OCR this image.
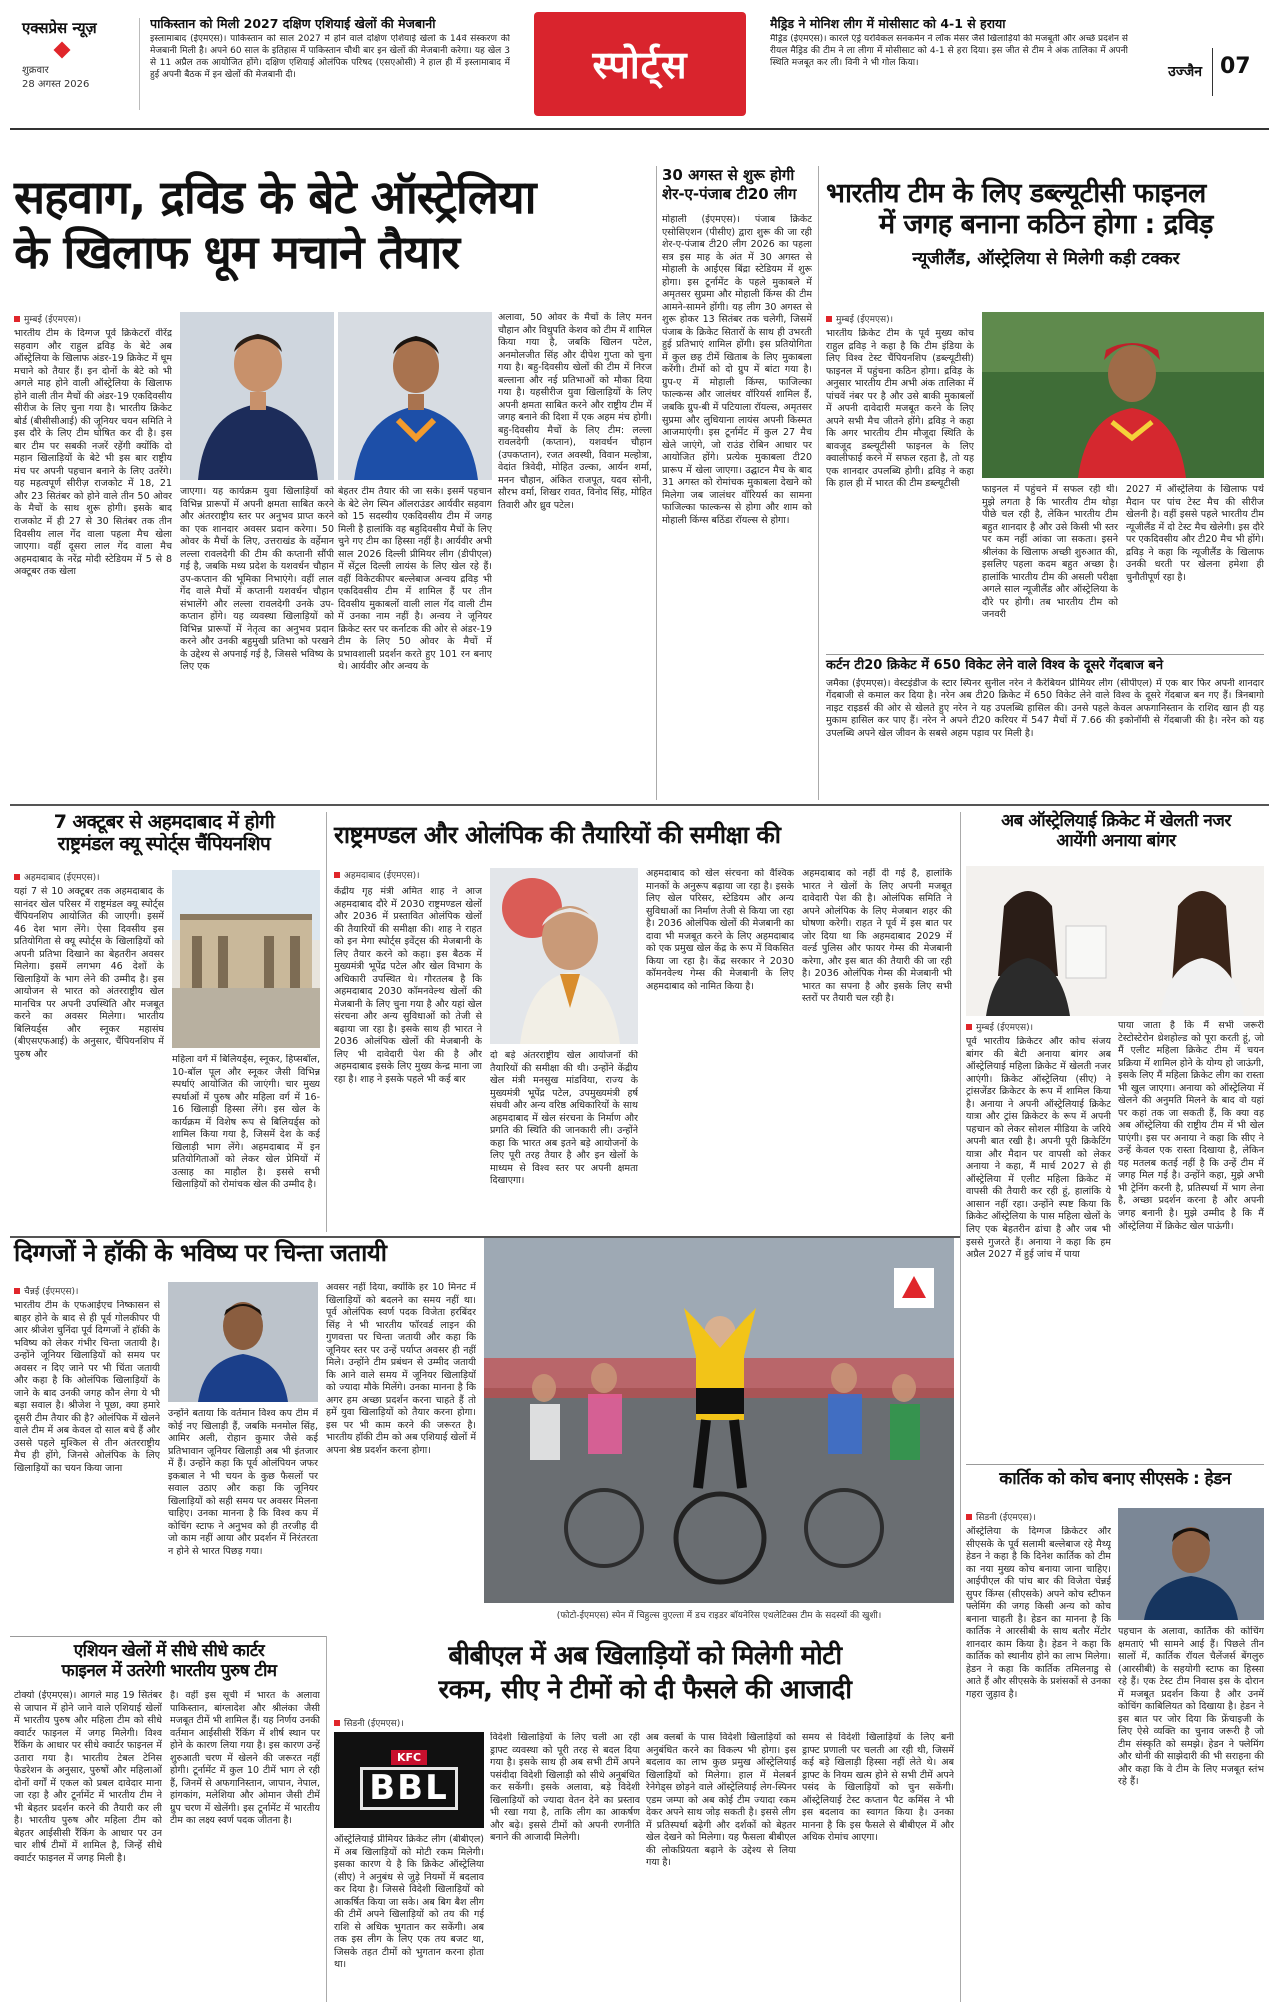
एक्सप्रेस न्यूज़
शुक्रवार
28 अगस्त 2026
पाकिस्तान को मिली 2027 दक्षिण एशियाई खेलों की मेजबानी
इस्लामाबाद (ईएमएस)। पाकिस्तान को साल 2027 में होने वाले दक्षिण एशियाई खेलों के 14वें संस्करण की मेजबानी मिली है। अपने 60 साल के इतिहास में पाकिस्तान चौथी बार इन खेलों की मेजबानी करेगा। यह खेल 3 से 11 अप्रैल तक आयोजित होंगे। दक्षिण एशियाई ओलंपिक परिषद (एसएओसी) ने हाल ही में इस्लामाबाद में हुई अपनी बैठक में इन खेलों की मेजबानी दी।	स्पोर्ट्स
मैड्रिड ने मोनिश लीग में मोसीसाट को 4-1 से हराया
मैड्रिड (ईएमएस)। कारले एंड्रे यरविंकल सनकर्मन ने लॉक मेंसर जैसे खिलाड़ियों की मजबूती और अच्छे प्रदर्शन से रीयल मैड्रिड की टीम ने ला लीगा में मोसीसाट को 4-1 से हरा दिया। इस जीत से टीम ने अंक तालिका में अपनी स्थिति मजबूत कर ली। विनी ने भी गोल किया।
उज्जैन 07
सहवाग, द्रविड के बेटे ऑस्ट्रेलिया
के खिलाफ धूम मचाने तैयार
मुम्बई (ईएमएस)।
भारतीय टीम के दिग्गज पूर्व क्रिकेटरों वीरेंद्र सहवाग और राहुल द्रविड़ के बेटे अब ऑस्ट्रेलिया के खिलाफ अंडर-19 क्रिकेट में धूम मचाने को तैयार हैं। इन दोनों के बेटे को भी अगले माह होने वाली ऑस्ट्रेलिया के खिलाफ होने वाली तीन मैचों की अंडर-19 एकदिवसीय सीरीज के लिए चुना गया है। भारतीय क्रिकेट बोर्ड (बीसीसीआई) की जूनियर चयन समिति ने इस दौरे के लिए टीम घोषित कर दी है। इस बार टीम पर सबकी नजरें रहेंगी क्योंकि दो महान खिलाड़ियों के बेटे भी इस बार राष्ट्रीय मंच पर अपनी पहचान बनाने के लिए उतरेंगे। यह महत्वपूर्ण सीरीज़ राजकोट में 18, 21 और 23 सितंबर को होने वाले तीन 50 ओवर के मैचों के साथ शुरू होगी। इसके बाद राजकोट में ही 27 से 30 सितंबर तक तीन दिवसीय लाल गेंद वाला पहला मैच खेला जाएगा। वहीं दूसरा लाल गेंद वाला मैच अहमदाबाद के नरेंद्र मोदी स्टेडियम में 5 से 8 अक्टूबर तक खेला
जाएगा। यह कार्यक्रम युवा खिलाड़ियों को विभिन्न प्रारूपों में अपनी क्षमता साबित करने और अंतरराष्ट्रीय स्तर पर अनुभव प्राप्त करने का एक शानदार अवसर प्रदान करेगा। 50 ओवर के मैचों के लिए, उत्तराखंड के वर्हेमान लल्ला रावलदेगी की टीम की कप्तानी सौंपी गई है, जबकि मध्य प्रदेश के यशवर्धन चौहान उप-कप्तान की भूमिका निभाएंगे। वहीं लाल गेंद वाले मैचों में कप्तानी यशवर्धन चौहान संभालेंगे और लल्ला रावलदेगी उनके उप-कप्तान होंगे। यह व्यवस्था खिलाड़ियों को विभिन्न प्रारूपों में नेतृत्व का अनुभव प्रदान करने और उनकी बहुमुखी प्रतिभा को परखने के उद्देश्य से अपनाई गई है, जिससे भविष्य के लिए एक
बेहतर टीम तैयार की जा सके। इसमें पहचान के बेटे लेग स्पिन ऑलराउंडर आर्यवीर सहवाग को 15 सदस्यीय एकदिवसीय टीम में जगह मिली है हालांकि वह बहुदिवसीय मैचों के लिए चुने गए टीम का हिस्सा नहीं है। आर्यवीर अभी साल 2026 दिल्ली प्रीमियर लीग (डीपीएल) में सेंट्रल दिल्ली लायंस के लिए खेल रहे हैं। वहीं विकेटकीपर बल्लेबाज अन्वय द्रविड़ भी एकदिवसीय टीम में शामिल हैं पर तीन दिवसीय मुकाबलों वाली लाल गेंद वाली टीम में उनका नाम नहीं है। अन्वय ने जूनियर क्रिकेट स्तर पर कर्नाटक की ओर से अंडर-19 टीम के लिए 50 ओवर के मैचों में प्रभावशाली प्रदर्शन करते हुए 101 रन बनाए थे। आर्यवीर और अन्वय के
अलावा, 50 ओवर के मैचों के लिए मनन चौहान और विधुपति केशव को टीम में शामिल किया गया है, जबकि खिलन पटेल, अनमोलजीत सिंह और दीपेश गुप्ता को चुना गया है। बहु-दिवसीय खेलों की टीम में निरज बल्लाना और नई प्रतिभाओं को मौका दिया गया है। यहसीरीज युवा खिलाड़ियों के लिए अपनी क्षमता साबित करने और राष्ट्रीय टीम में जगह बनाने की दिशा में एक अहम मंच होगी। बहु-दिवसीय मैचों के लिए टीम: लल्ला रावलदेगी (कप्तान), यशवर्धन चौहान (उपकप्तान), रजत अवस्थी, विवान मल्होत्रा, वेदांत त्रिवेदी, मोहित उल्का, आर्यन शर्मा, मनन चौहान, अंकित राजपूत, यदव सोनी, सौरभ वर्मा, शिखर रावत, विनोद सिंह, मोहित तिवारी और ध्रुव पटेल।
30 अगस्त से शुरू होगी शेर-ए-पंजाब टी20 लीग
मोहाली (ईएमएस)। पंजाब क्रिकेट एसोसिएशन (पीसीए) द्वारा शुरू की जा रही शेर-ए-पंजाब टी20 लीग 2026 का पहला सत्र इस माह के अंत में 30 अगस्त से मोहाली के आईएस बिंद्रा स्टेडियम में शुरू होगा। इस टूर्नामेंट के पहले मुकाबले में अमृतसर सुप्रमा और मोहाली किंग्स की टीम आमने-सामने होंगी। यह लीग 30 अगस्त से शुरू होकर 13 सितंबर तक चलेगी, जिसमें पंजाब के क्रिकेट सितारों के साथ ही उभरती हुई प्रतिभाएं शामिल होंगी। इस प्रतियोगिता में कुल छह टीमें खिताब के लिए मुकाबला करेंगी। टीमों को दो ग्रुप में बांटा गया है। ग्रुप-ए में मोहाली किंग्स, फाजिल्का फाल्कन्स और जालंधर वॉरियर्स शामिल हैं, जबकि ग्रुप-बी में पटियाला रॉयल्स, अमृतसर सुप्रमा और लुधियाना लायंस अपनी किस्मत आजमाएंगी। इस टूर्नामेंट में कुल 27 मैच खेले जाएंगे, जो राउंड रोबिन आधार पर आयोजित होंगे। प्रत्येक मुकाबला टी20 प्रारूप में खेला जाएगा। उद्घाटन मैच के बाद 31 अगस्त को रोमांचक मुकाबला देखने को मिलेगा जब जालंधर वॉरियर्स का सामना फाजिल्का फाल्कन्स से होगा और शाम को मोहाली किंग्स बठिंडा रॉयल्स से होगा।
भारतीय टीम के लिए डब्ल्यूटीसी फाइनल
में जगह बनाना कठिन होगा : द्रविड़
न्यूजीलैंड, ऑस्ट्रेलिया से मिलेगी कड़ी टक्कर
मुम्बई (ईएमएस)।
भारतीय क्रिकेट टीम के पूर्व मुख्य कोच राहुल द्रविड़ ने कहा है कि टीम इंडिया के लिए विश्व टेस्ट चैंपियनशिप (डब्ल्यूटीसी) फाइनल में पहुंचना कठिन होगा। द्रविड़ के अनुसार भारतीय टीम अभी अंक तालिका में पांचवें नंबर पर है और उसे बाकी मुकाबलों में अपनी दावेदारी मजबूत करने के लिए अपने सभी मैच जीतने होंगे। द्रविड़ ने कहा कि अगर भारतीय टीम मौजूदा स्थिति के बावजूद डब्ल्यूटीसी फाइनल के लिए क्वालीफाई करने में सफल रहता है, तो यह एक शानदार उपलब्धि होगी। द्रविड़ ने कहा कि हाल ही में भारत की टीम डब्ल्यूटीसी
फाइनल में पहुंचने में सफल रही थी। मुझे लगता है कि भारतीय टीम थोड़ा पीछे चल रही है, लेकिन भारतीय टीम बहुत शानदार है और उसे किसी भी स्तर पर कम नहीं आंका जा सकता। इसने श्रीलंका के खिलाफ अच्छी शुरुआत की, इसलिए पहला कदम बहुत अच्छा है। हालांकि भारतीय टीम की असली परीक्षा अगले साल न्यूजीलैंड और ऑस्ट्रेलिया के दौरे पर होगी। तब भारतीय टीम को जनवरी
2027 में ऑस्ट्रेलिया के खिलाफ पर्थ मैदान पर पांच टेस्ट मैच की सीरीज खेलनी है। वहीं इससे पहले भारतीय टीम न्यूजीलैंड में दो टेस्ट मैच खेलेगी। इस दौरे पर एकदिवसीय और टी20 मैच भी होंगे। द्रविड़ ने कहा कि न्यूजीलैंड के खिलाफ उनकी धरती पर खेलना हमेशा ही चुनौतीपूर्ण रहा है।
कर्टन टी20 क्रिकेट में 650 विकेट लेने वाले विश्व के दूसरे गेंदबाज बने
जमैका (ईएमएस)। वेस्टइंडीज के स्टार स्पिनर सुनील नरेन ने कैरेबियन प्रीमियर लीग (सीपीएल) में एक बार फिर अपनी शानदार गेंदबाजी से कमाल कर दिया है। नरेन अब टी20 क्रिकेट में 650 विकेट लेने वाले विश्व के दूसरे गेंदबाज बन गए हैं। त्रिनबागो नाइट राइडर्स की ओर से खेलते हुए नरेन ने यह उपलब्धि हासिल की। उनसे पहले केवल अफगानिस्तान के राशिद खान ही यह मुकाम हासिल कर पाए हैं। नरेन ने अपने टी20 करियर में 547 मैचों में 7.66 की इकोनॉमी से गेंदबाजी की है। नरेन को यह उपलब्धि अपने खेल जीवन के सबसे अहम पड़ाव पर मिली है।
7 अक्टूबर से अहमदाबाद में होगी
राष्ट्रमंडल क्यू स्पोर्ट्स चैंपियनशिप
अहमदाबाद (ईएमएस)।
यहां 7 से 10 अक्टूबर तक अहमदाबाद के सानंदर खेल परिसर में राष्ट्रमंडल क्यू स्पोर्ट्स चैंपियनशिप आयोजित की जाएगी। इसमें 46 देश भाग लेंगे। ऐसा दिवसीय इस प्रतियोगिता से क्यू स्पोर्ट्स के खिलाड़ियों को अपनी प्रतिभा दिखाने का बेहतरीन अवसर मिलेगा। इसमें लगभग 46 देशों के खिलाड़ियों के भाग लेने की उम्मीद है। इस आयोजन से भारत को अंतरराष्ट्रीय खेल मानचित्र पर अपनी उपस्थिति और मजबूत करने का अवसर मिलेगा। भारतीय बिलियर्ड्स और स्नूकर महासंघ (बीएसएफआई) के अनुसार, चैंपियनशिप में पुरुष और	महिला वर्ग में बिलियर्ड्स, स्नूकर, हिप्सबॉल, 10-बॉल पूल और स्नूकर जैसी विभिन्न स्पर्धाएं आयोजित की जाएंगी। चार मुख्य स्पर्धाओं में पुरुष और महिला वर्ग में 16-16 खिलाड़ी हिस्सा लेंगे। इस खेल के कार्यक्रम में विशेष रूप से बिलियर्ड्स को शामिल किया गया है, जिसमें देश के कई खिलाड़ी भाग लेंगे। अहमदाबाद में इन प्रतियोगिताओं को लेकर खेल प्रेमियों में उत्साह का माहौल है। इससे सभी खिलाड़ियों को रोमांचक खेल की उम्मीद है।
राष्ट्रमण्डल और ओलंपिक की तैयारियों की समीक्षा की
अहमदाबाद (ईएमएस)।
केंद्रीय गृह मंत्री अमित शाह ने आज अहमदाबाद दौरे में 2030 राष्ट्रमण्डल खेलों और 2036 में प्रस्तावित ओलंपिक खेलों की तैयारियों की समीक्षा की। शाह ने राहत को इन मेगा स्पोर्ट्स इवेंट्स की मेजबानी के लिए तैयार करने को कहा। इस बैठक में मुख्यमंत्री भूपेंद्र पटेल और खेल विभाग के अधिकारी उपस्थित थे। गौरतलब है कि अहमदाबाद 2030 कॉमनवेल्थ खेलों की मेजबानी के लिए चुना गया है और यहां खेल संरचना और अन्य सुविधाओं को तेजी से बढ़ाया जा रहा है। इसके साथ ही भारत ने 2036 ओलंपिक खेलों की मेजबानी के लिए भी दावेदारी पेश की है और अहमदाबाद इसके लिए मुख्य केन्द्र माना जा रहा है। शाह ने इसके पहले भी कई बार
दो बड़े अंतरराष्ट्रीय खेल आयोजनों की तैयारियों की समीक्षा की थी। उन्होंने केंद्रीय खेल मंत्री मनसुख मांडविया, राज्य के मुख्यमंत्री भूपेंद्र पटेल, उपमुख्यमंत्री हर्ष संघवी और अन्य वरिष्ठ अधिकारियों के साथ अहमदाबाद में खेल संरचना के निर्माण और प्रगति की स्थिति की जानकारी ली। उन्होंने कहा कि भारत अब इतने बड़े आयोजनों के लिए पूरी तरह तैयार है और इन खेलों के माध्यम से विश्व स्तर पर अपनी क्षमता दिखाएगा।
अहमदाबाद को खेल संरचना को वैश्विक मानकों के अनुरूप बढ़ाया जा रहा है। इसके लिए खेल परिसर, स्टेडियम और अन्य सुविधाओं का निर्माण तेजी से किया जा रहा है। 2036 ओलंपिक खेलों की मेजबानी का दावा भी मजबूत करने के लिए अहमदाबाद को एक प्रमुख खेल केंद्र के रूप में विकसित किया जा रहा है। केंद्र सरकार ने 2030 कॉमनवेल्थ गेम्स की मेजबानी के लिए अहमदाबाद को नामित किया है।
अहमदाबाद को नहीं दी गई है, हालांकि भारत ने खेलों के लिए अपनी मजबूत दावेदारी पेश की है। ओलंपिक समिति ने अपने ओलंपिक के लिए मेजबान शहर की घोषणा करेगी। राहत ने पूर्व में इस बात पर जोर दिया था कि अहमदाबाद 2029 में वर्ल्ड पुलिस और फायर गेम्स की मेजबानी करेगा, और इस बात की तैयारी की जा रही है। 2036 ओलंपिक गेम्स की मेजबानी भी भारत का सपना है और इसके लिए सभी स्तरों पर तैयारी चल रही है।
अब ऑस्ट्रेलियाई क्रिकेट में खेलती नजर
आयेंगी अनाया बांगर
मुम्बई (ईएमएस)।
पूर्व भारतीय क्रिकेटर और कोच संजय बांगर की बेटी अनाया बांगर अब ऑस्ट्रेलियाई महिला क्रिकेट में खेलती नजर आएंगी। क्रिकेट ऑस्ट्रेलिया (सीए) ने ट्रांसजेंडर क्रिकेटर के रूप में शामिल किया है। अनाया ने अपनी ऑस्ट्रेलियाई क्रिकेट यात्रा और ट्रांस क्रिकेटर के रूप में अपनी पहचान को लेकर सोशल मीडिया के जरिये अपनी बात रखी है। अपनी पूरी क्रिकेटिंग यात्रा और मैदान पर वापसी को लेकर अनाया ने कहा, मैं मार्च 2027 से ही ऑस्ट्रेलिया में एलीट महिला क्रिकेट में वापसी की तैयारी कर रही हूं, हालांकि ये आसान नहीं रहा। उन्होंने स्पष्ट किया कि क्रिकेट ऑस्ट्रेलिया के पास महिला खेलों के लिए एक बेहतरीन ढांचा है और जब भी इससे गुजरते हैं। अनाया ने कहा कि हम अप्रैल 2027 में हुई जांच में पाया
पाया जाता है कि मैं सभी जरूरी टेस्टोस्टेरोन थ्रेशहोल्ड को पूरा करती हूं, जो मैं एलीट महिला क्रिकेट टीम में चयन प्रक्रिया में शामिल होने के योग्य हो जाऊंगी, इसके लिए मैं महिला क्रिकेट लीग का रास्ता भी खुल जाएगा। अनाया को ऑस्ट्रेलिया में खेलने की अनुमति मिलने के बाद वो यहां पर कहां तक जा सकती हैं, कि क्या वह अब ऑस्ट्रेलिया की राष्ट्रीय टीम में भी खेल पाएंगी। इस पर अनाया ने कहा कि सीए ने उन्हें केवल एक रास्ता दिखाया है, लेकिन यह मतलब कतई नहीं है कि उन्हें टीम में जगह मिल गई है। उन्होंने कहा, मुझे अभी भी ट्रेनिंग करनी है, प्रतिस्पर्धा में भाग लेना है, अच्छा प्रदर्शन करना है और अपनी जगह बनानी है। मुझे उम्मीद है कि मैं ऑस्ट्रेलिया में क्रिकेट खेल पाऊंगी।
दिग्गजों ने हॉकी के भविष्य पर चिन्ता जतायी
चैन्नई (ईएमएस)।
भारतीय टीम के एफआईएच निष्कासन से बाहर होने के बाद से ही पूर्व गोलकीपर पी आर श्रीजेश चुनिंदा पूर्व दिग्गजों ने हॉकी के भविष्य को लेकर गंभीर चिन्ता जतायी है। उन्होंने जूनियर खिलाड़ियों को समय पर अवसर न दिए जाने पर भी चिंता जतायी और कहा है कि ओलंपिक खिलाड़ियों के जाने के बाद उनकी जगह कौन लेगा ये भी बड़ा सवाल है। श्रीजेश ने पूछा, क्या हमारे दूसरी टीम तैयार की है? ओलंपिक में खेलने वाले टीम में अब केवल दो साल बचे हैं और उससे पहले मुश्किल से तीन अंतरराष्ट्रीय मैच ही होंगे, जिनसे ओलंपिक के लिए खिलाड़ियों का चयन किया जाना
उन्होंने बताया कि वर्तमान विश्व कप टीम में कोई नए खिलाड़ी हैं, जबकि मनमोल सिंह, आमिर अली, रोहान कुमार जैसे कई प्रतिभावान जूनियर खिलाड़ी अब भी इंतजार में हैं। उन्होंने कहा कि पूर्व ओलंपियन जफर इकबाल ने भी चयन के कुछ फैसलों पर सवाल उठाए और कहा कि जूनियर खिलाड़ियों को सही समय पर अवसर मिलना चाहिए। उनका मानना है कि विश्व कप में कोचिंग स्टाफ ने अनुभव को ही तरजीह दी जो काम नहीं आया और प्रदर्शन में निरंतरता न होने से भारत पिछड़ गया।
अवसर नहीं दिया, क्योंकि हर 10 मिनट में खिलाड़ियों को बदलने का समय नहीं था। पूर्व ओलंपिक स्वर्ण पदक विजेता हरबिंदर सिंह ने भी भारतीय फॉरवर्ड लाइन की गुणवत्ता पर चिन्ता जतायी और कहा कि जूनियर स्तर पर उन्हें पर्याप्त अवसर ही नहीं मिले। उन्होंने टीम प्रबंधन से उम्मीद जतायी कि आने वाले समय में जूनियर खिलाड़ियों को ज्यादा मौके मिलेंगे। उनका मानना है कि अगर हम अच्छा प्रदर्शन करना चाहते हैं तो हमें युवा खिलाड़ियों को तैयार करना होगा। इस पर भी काम करने की जरूरत है। भारतीय हॉकी टीम को अब एशियाई खेलों में अपना श्रेष्ठ प्रदर्शन करना होगा।
(फोटो-ईएमएस) स्पेन में चिहुल्स वुएल्ता में डच राइडर बॉयनेरिस एथलेटिक्स टीम के सदस्यों की खुशी।
एशियन खेलों में सीधे सीधे कार्टर
फाइनल में उतरेगी भारतीय पुरुष टीम
टोक्यो (ईएमएस)। आगले माह 19 सितंबर से जापान में होने जाने वाले एशियाई खेलों में भारतीय पुरुष और महिला टीम को सीधे क्वार्टर फाइनल में जगह मिलेगी। विश्व रैंकिंग के आधार पर सीधे क्वार्टर फाइनल में उतारा गया है। भारतीय टेबल टेनिस फेडरेशन के अनुसार, पुरुषों और महिलाओं दोनों वर्गों में एकल को प्रबल दावेदार माना जा रहा है और टूर्नामेंट में भारतीय टीम ने भी बेहतर प्रदर्शन करने की तैयारी कर ली है। भारतीय पुरुष और महिला टीम को बेहतर आईसीसी रैंकिंग के आधार पर उन चार शीर्ष टीमों में शामिल है, जिन्हें सीधे क्वार्टर फाइनल में जगह मिली है।
है। वहीं इस सूची में भारत के अलावा पाकिस्तान, बांग्लादेश और श्रीलंका जैसी मजबूत टीमें भी शामिल हैं। यह निर्णय उनकी वर्तमान आईसीसी रैंकिंग में शीर्ष स्थान पर होने के कारण लिया गया है। इस कारण उन्हें शुरुआती चरण में खेलने की जरूरत नहीं होगी। टूर्नामेंट में कुल 10 टीमें भाग ले रही हैं, जिनमें से अफगानिस्तान, जापान, नेपाल, हांगकांग, मलेशिया और ओमान जैसी टीमें ग्रुप चरण में खेलेंगी। इस टूर्नामेंट में भारतीय टीम का लक्ष्य स्वर्ण पदक जीतना है।
बीबीएल में अब खिलाड़ियों को मिलेगी मोटी
रकम, सीए ने टीमों को दी फैसले की आजादी
सिडनी (ईएमएस)।
KFC
BBL
ऑस्ट्रेलियाई प्रीमियर क्रिकेट लीग (बीबीएल) में अब खिलाड़ियों को मोटी रकम मिलेगी। इसका कारण ये है कि क्रिकेट ऑस्ट्रेलिया (सीए) ने अनुबंध से जुड़े नियमों में बदलाव कर दिया है। जिससे विदेशी खिलाड़ियों को आकर्षित किया जा सके। अब बिग बैश लीग की टीमें अपने खिलाड़ियों को तय की गई राशि से अधिक भुगतान कर सकेंगी। अब तक इस लीग के लिए एक तय बजट था, जिसके तहत टीमों को भुगतान करना होता था।
विदेशी खिलाड़ियों के लिए चली आ रही ड्राफ्ट व्यवस्था को पूरी तरह से बदल दिया गया है। इसके साथ ही अब सभी टीमें अपने पसंदीदा विदेशी खिलाड़ी को सीधे अनुबंधित कर सकेंगी। इसके अलावा, बड़े विदेशी खिलाड़ियों को ज्यादा वेतन देने का प्रस्ताव भी रखा गया है, ताकि लीग का आकर्षण और बढ़े। इससे टीमों को अपनी रणनीति बनाने की आजादी मिलेगी।
अब क्लबों के पास विदेशी खिलाड़ियों को अनुबंधित करने का विकल्प भी होगा। इस बदलाव का लाभ कुछ प्रमुख ऑस्ट्रेलियाई खिलाड़ियों को मिलेगा। हाल में मेलबर्न रेनेगेड्स छोड़ने वाले ऑस्ट्रेलियाई लेग-स्पिनर एडम जम्पा को अब कोई टीम ज्यादा रकम देकर अपने साथ जोड़ सकती है। इससे लीग में प्रतिस्पर्धा बढ़ेगी और दर्शकों को बेहतर खेल देखने को मिलेगा। यह फैसला बीबीएल की लोकप्रियता बढ़ाने के उद्देश्य से लिया गया है।
समय से विदेशी खिलाड़ियों के लिए बनी ड्राफ्ट प्रणाली पर चलती आ रही थी, जिसमें कई बड़े खिलाड़ी हिस्सा नहीं लेते थे। अब ड्राफ्ट के नियम खत्म होने से सभी टीमें अपने पसंद के खिलाड़ियों को चुन सकेंगी। ऑस्ट्रेलियाई टेस्ट कप्तान पैट कमिंस ने भी इस बदलाव का स्वागत किया है। उनका मानना है कि इस फैसले से बीबीएल में और अधिक रोमांच आएगा।
कार्तिक को कोच बनाए सीएसके : हेडन
सिडनी (ईएमएस)।
ऑस्ट्रेलिया के दिग्गज क्रिकेटर और सीएसके के पूर्व सलामी बल्लेबाज रहे मैथ्यू हेडन ने कहा है कि दिनेश कार्तिक को टीम का नया मुख्य कोच बनाया जाना चाहिए। आईपीएल की पांच बार की विजेता चेन्नई सुपर किंग्स (सीएसके) अपने कोच स्टीफन फ्लेमिंग की जगह किसी अन्य को कोच बनाना चाहती है। हेडन का मानना है कि कार्तिक ने आरसीबी के साथ बतौर मेंटोर शानदार काम किया है। हेडन ने कहा कि कार्तिक को स्थानीय होने का लाभ मिलेगा। हेडन ने कहा कि कार्तिक तमिलनाडु से आते हैं और सीएसके के प्रशंसकों से उनका गहरा जुड़ाव है।
पहचान के अलावा, कार्तिक की कोचिंग क्षमताएं भी सामने आई हैं। पिछले तीन सालों में, कार्तिक रॉयल चैलेंजर्स बेंगलुरु (आरसीबी) के सहयोगी स्टाफ का हिस्सा रहे हैं। एक टेस्ट टीम निवास इस के दोरान में मजबूत प्रदर्शन किया है और उनमें कोचिंग काबिलियत को दिखाया है। हेडन ने इस बात पर जोर दिया कि फ्रेंचाइजी के लिए ऐसे व्यक्ति का चुनाव जरूरी है जो टीम संस्कृति को समझे। हेडन ने फ्लेमिंग और धोनी की साझेदारी की भी सराहना की और कहा कि वे टीम के लिए मजबूत स्तंभ रहे हैं।
